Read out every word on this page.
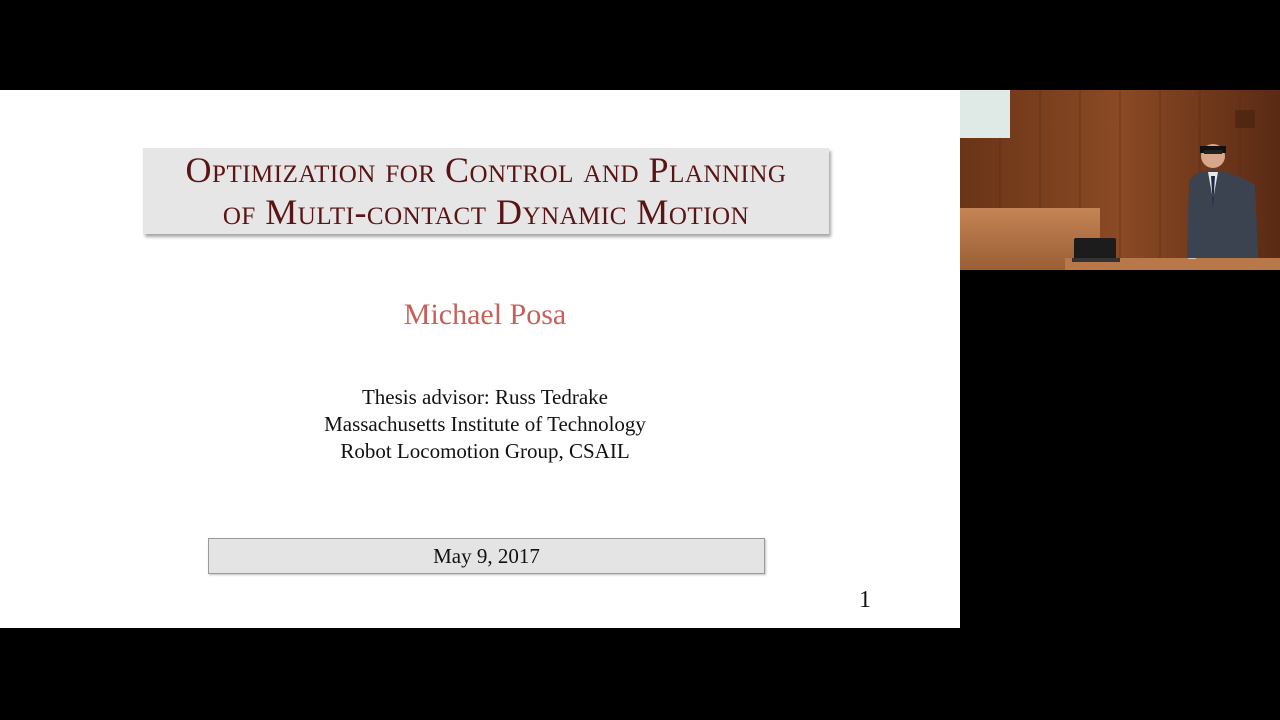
Optimization for Control and Planning
of Multi-contact Dynamic Motion
Michael Posa
Thesis advisor: Russ Tedrake
Massachusetts Institute of Technology
Robot Locomotion Group, CSAIL
May 9, 2017
1
